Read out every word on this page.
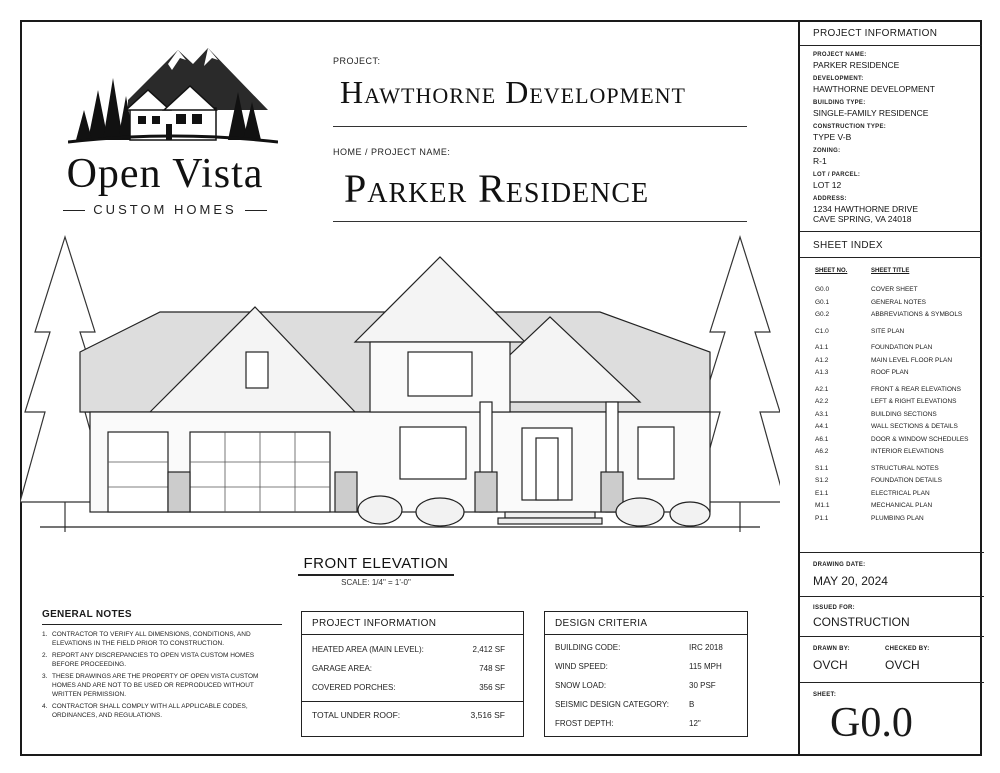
Open Vista
CUSTOM HOMES
PROJECT:
Hawthorne Development
HOME / PROJECT NAME:
Parker Residence
FRONT ELEVATION
SCALE: 1/4" = 1'-0"
GENERAL NOTES
1. CONTRACTOR TO VERIFY ALL DIMENSIONS, CONDITIONS, AND ELEVATIONS IN THE FIELD PRIOR TO CONSTRUCTION.
2. REPORT ANY DISCREPANCIES TO OPEN VISTA CUSTOM HOMES BEFORE PROCEEDING.
3. THESE DRAWINGS ARE THE PROPERTY OF OPEN VISTA CUSTOM HOMES AND ARE NOT TO BE USED OR REPRODUCED WITHOUT WRITTEN PERMISSION.
4. CONTRACTOR SHALL COMPLY WITH ALL APPLICABLE CODES, ORDINANCES, AND REGULATIONS.
PROJECT INFORMATION
HEATED AREA (MAIN LEVEL):	2,412 SF
GARAGE AREA:	748 SF
COVERED PORCHES:	356 SF
TOTAL UNDER ROOF:	3,516 SF
DESIGN CRITERIA
BUILDING CODE:	IRC 2018
WIND SPEED:	115 MPH
SNOW LOAD:	30 PSF
SEISMIC DESIGN CATEGORY:	B
FROST DEPTH:	12"
PROJECT INFORMATION
PROJECT NAME:
PARKER RESIDENCE
DEVELOPMENT:
HAWTHORNE DEVELOPMENT
BUILDING TYPE:
SINGLE-FAMILY RESIDENCE
CONSTRUCTION TYPE:
TYPE V-B
ZONING:
R-1
LOT / PARCEL:
LOT 12
ADDRESS:
1234 HAWTHORNE DRIVE
CAVE SPRING, VA 24018
SHEET INDEX
SHEET NO.	SHEET TITLE
G0.0	COVER SHEET
G0.1	GENERAL NOTES
G0.2	ABBREVIATIONS & SYMBOLS
C1.0	SITE PLAN
A1.1	FOUNDATION PLAN
A1.2	MAIN LEVEL FLOOR PLAN
A1.3	ROOF PLAN
A2.1	FRONT & REAR ELEVATIONS
A2.2	LEFT & RIGHT ELEVATIONS
A3.1	BUILDING SECTIONS
A4.1	WALL SECTIONS & DETAILS
A6.1	DOOR & WINDOW SCHEDULES
A6.2	INTERIOR ELEVATIONS
S1.1	STRUCTURAL NOTES
S1.2	FOUNDATION DETAILS
E1.1	ELECTRICAL PLAN
M1.1	MECHANICAL PLAN
P1.1	PLUMBING PLAN
DRAWING DATE:
MAY 20, 2024
ISSUED FOR:
CONSTRUCTION
DRAWN BY:
OVCH
CHECKED BY:
OVCH
SHEET:
G0.0
